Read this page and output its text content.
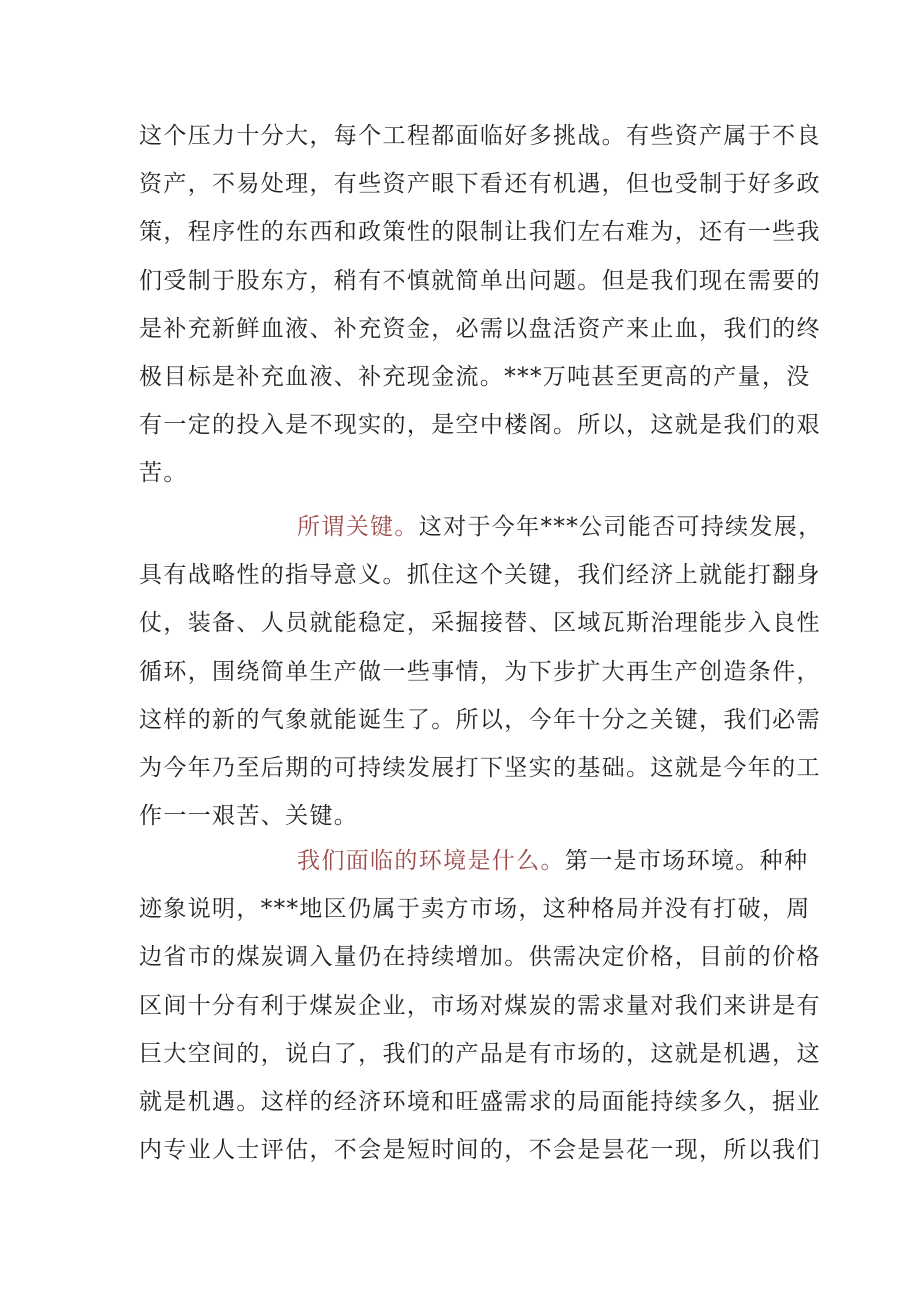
这个压力十分大，每个工程都面临好多挑战。有些资产属于不良
资产，不易处理，有些资产眼下看还有机遇，但也受制于好多政
策，程序性的东西和政策性的限制让我们左右难为，还有一些我
们受制于股东方，稍有不慎就简单出问题。但是我们现在需要的
是补充新鲜血液、补充资金，必需以盘活资产来止血，我们的终
极目标是补充血液、补充现金流。***万吨甚至更高的产量，没
有一定的投入是不现实的，是空中楼阁。所以，这就是我们的艰
苦。

所谓关键。这对于今年***公司能否可持续发展，
具有战略性的指导意义。抓住这个关键，我们经济上就能打翻身
仗，装备、人员就能稳定，采掘接替、区域瓦斯治理能步入良性
循环，围绕简单生产做一些事情，为下步扩大再生产创造条件，
这样的新的气象就能诞生了。所以，今年十分之关键，我们必需
为今年乃至后期的可持续发展打下坚实的基础。这就是今年的工
作一一艰苦、关键。

我们面临的环境是什么。第一是市场环境。种种
迹象说明，***地区仍属于卖方市场，这种格局并没有打破，周
边省市的煤炭调入量仍在持续增加。供需决定价格，目前的价格
区间十分有利于煤炭企业，市场对煤炭的需求量对我们来讲是有
巨大空间的，说白了，我们的产品是有市场的，这就是机遇，这
就是机遇。这样的经济环境和旺盛需求的局面能持续多久，据业
内专业人士评估，不会是短时间的，不会是昙花一现，所以我们
